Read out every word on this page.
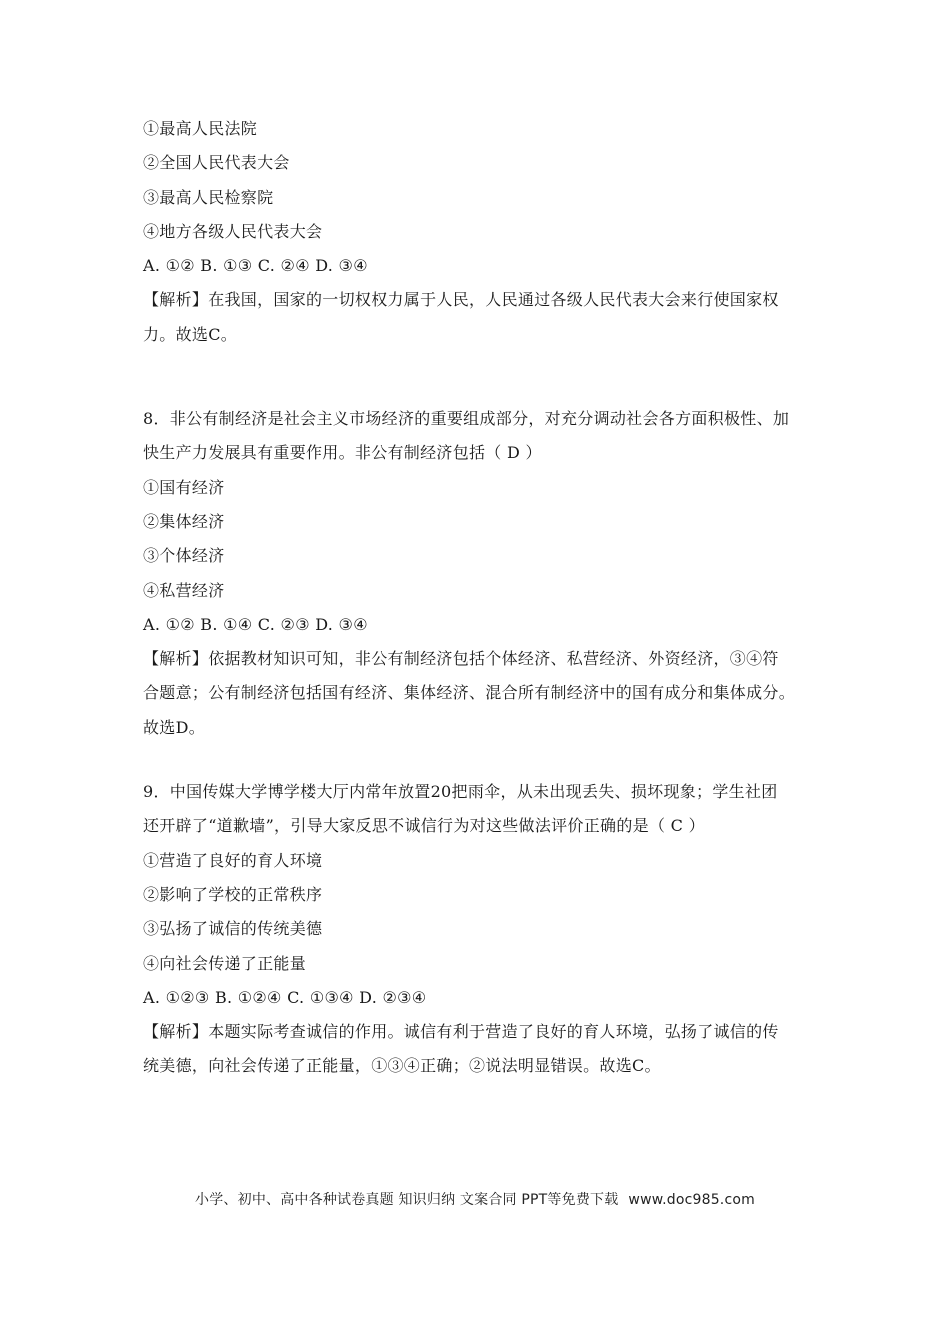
①最高人民法院
②全国人民代表大会
③最高人民检察院
④地方各级人民代表大会
A. ①② B. ①③ C. ②④ D. ③④
【解析】在我国，国家的一切权权力属于人民，人民通过各级人民代表大会来行使国家权
力。故选C。
8．非公有制经济是社会主义市场经济的重要组成部分，对充分调动社会各方面积极性、加
快生产力发展具有重要作用。非公有制经济包括（ D ）
①国有经济
②集体经济
③个体经济
④私营经济
A. ①② B. ①④ C. ②③ D. ③④
【解析】依据教材知识可知，非公有制经济包括个体经济、私营经济、外资经济，③④符
合题意；公有制经济包括国有经济、集体经济、混合所有制经济中的国有成分和集体成分。
故选D。
9．中国传媒大学博学楼大厅内常年放置20把雨伞，从未出现丢失、损坏现象；学生社团
还开辟了“道歉墙”，引导大家反思不诚信行为对这些做法评价正确的是（ C ）
①营造了良好的育人环境
②影响了学校的正常秩序
③弘扬了诚信的传统美德
④向社会传递了正能量
A. ①②③ B. ①②④ C. ①③④ D. ②③④
【解析】本题实际考查诚信的作用。诚信有利于营造了良好的育人环境，弘扬了诚信的传
统美德，向社会传递了正能量，①③④正确；②说法明显错误。故选C。
小学、初中、高中各种试卷真题 知识归纳 文案合同 PPT等免费下载 www.doc985.com
